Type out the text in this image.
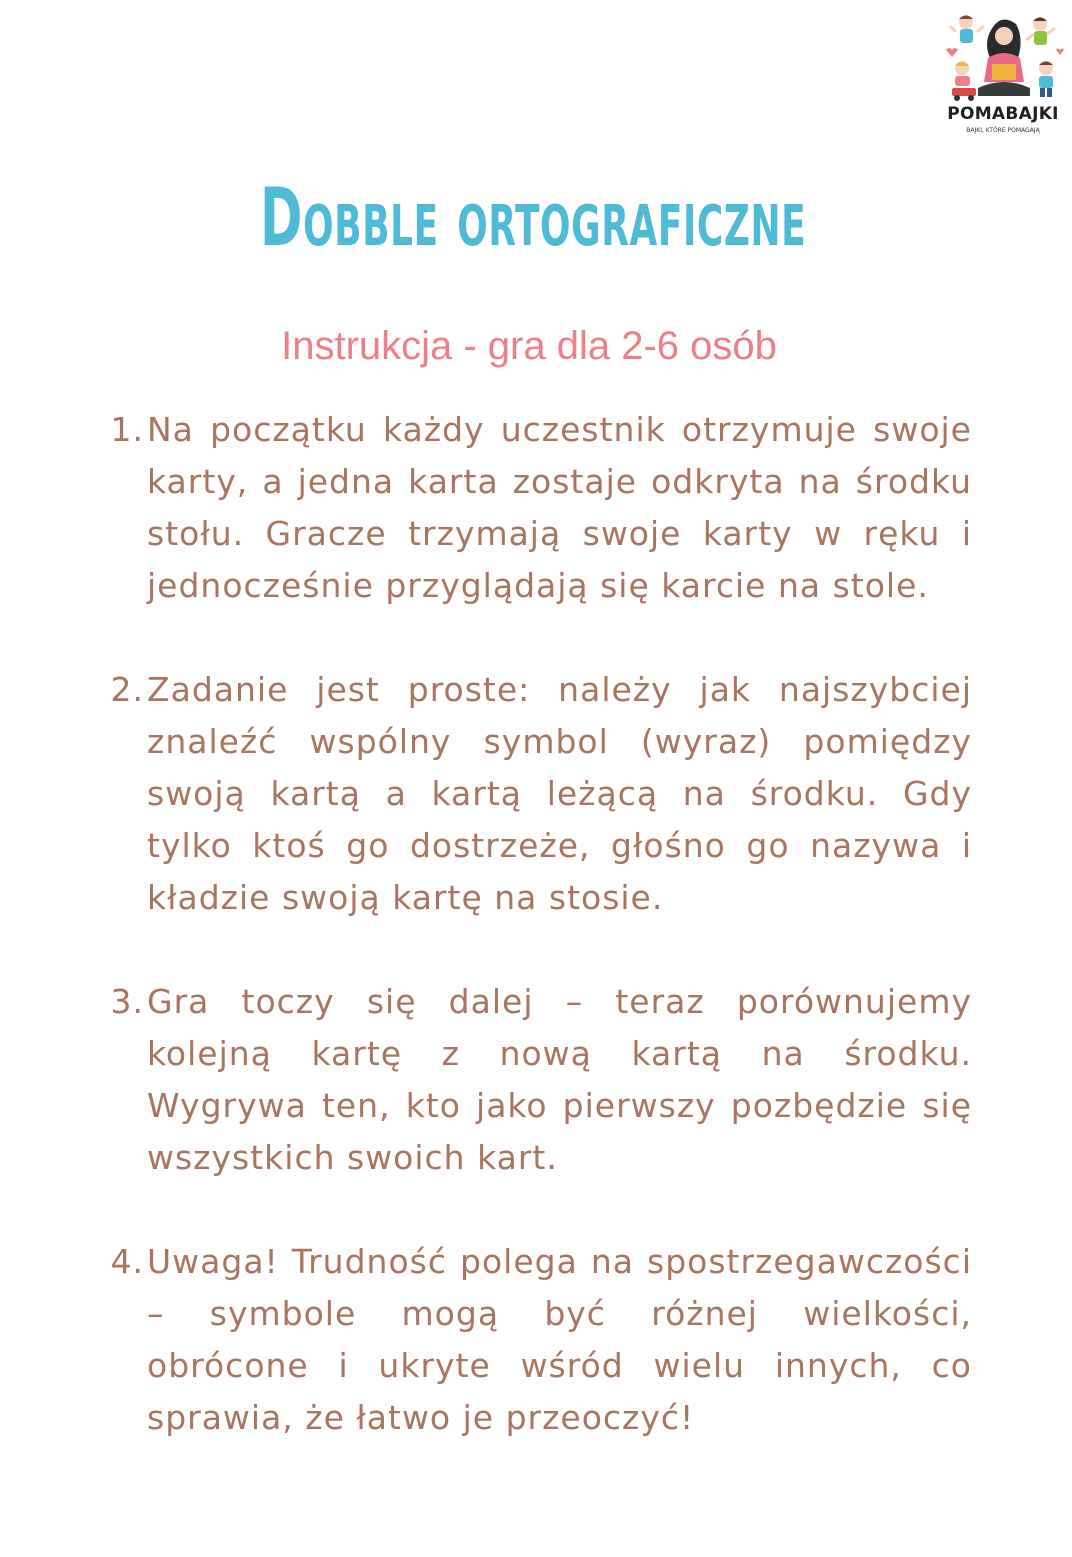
POMABAJKI
BAJKI, KTÓRE POMAGAJĄ
Dobble ortograficzne
Instrukcja - gra dla 2-6 osób
1. Na początku każdy uczestnik otrzymuje swoje karty, a jedna karta zostaje odkryta na środku stołu. Gracze trzymają swoje karty w ręku i jednocześnie przyglądają się karcie na stole.
2. Zadanie jest proste: należy jak najszybciej znaleźć wspólny symbol (wyraz) pomiędzy swoją kartą a kartą leżącą na środku. Gdy tylko ktoś go dostrzeże, głośno go nazywa i kładzie swoją kartę na stosie.
3. Gra toczy się dalej – teraz porównujemy kolejną kartę z nową kartą na środku. Wygrywa ten, kto jako pierwszy pozbędzie się wszystkich swoich kart.
4. Uwaga! Trudność polega na spostrzegawczości – symbole mogą być różnej wielkości, obrócone i ukryte wśród wielu innych, co sprawia, że łatwo je przeoczyć!
